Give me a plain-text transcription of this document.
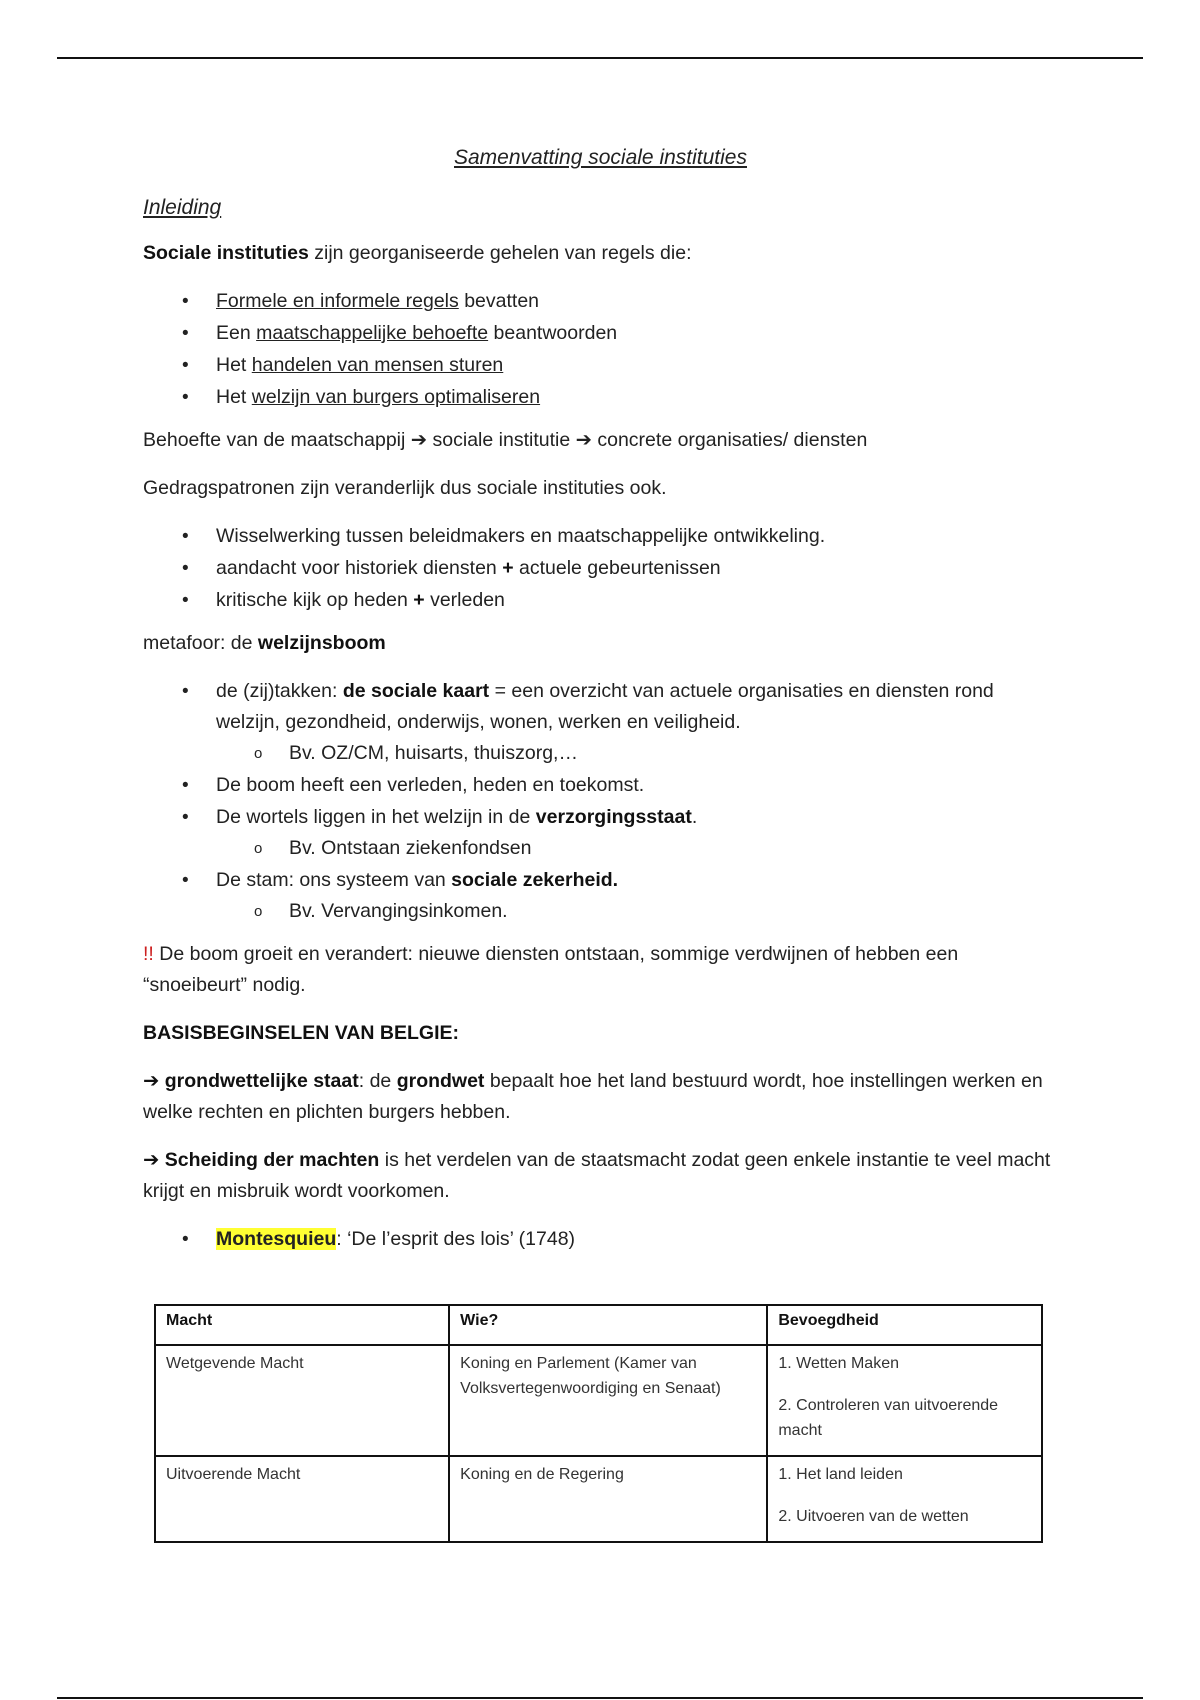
Samenvatting sociale instituties
Inleiding

Sociale instituties zijn georganiseerde gehelen van regels die:

• Formele en informele regels bevatten
• Een maatschappelijke behoefte beantwoorden
• Het handelen van mensen sturen
• Het welzijn van burgers optimaliseren

Behoefte van de maatschappij ➔ sociale institutie ➔ concrete organisaties/ diensten

Gedragspatronen zijn veranderlijk dus sociale instituties ook.

• Wisselwerking tussen beleidmakers en maatschappelijke ontwikkeling.
• aandacht voor historiek diensten + actuele gebeurtenissen
• kritische kijk op heden + verleden

metafoor: de welzijnsboom

• de (zij)takken: de sociale kaart = een overzicht van actuele organisaties en diensten rond welzijn, gezondheid, onderwijs, wonen, werken en veiligheid.
o Bv. OZ/CM, huisarts, thuiszorg,…
• De boom heeft een verleden, heden en toekomst.
• De wortels liggen in het welzijn in de verzorgingsstaat.
o Bv. Ontstaan ziekenfondsen
• De stam: ons systeem van sociale zekerheid.
o Bv. Vervangingsinkomen.

!! De boom groeit en verandert: nieuwe diensten ontstaan, sommige verdwijnen of hebben een “snoeibeurt” nodig.

BASISBEGINSELEN VAN BELGIE:

➔ grondwettelijke staat: de grondwet bepaalt hoe het land bestuurd wordt, hoe instellingen werken en welke rechten en plichten burgers hebben.

➔ Scheiding der machten is het verdelen van de staatsmacht zodat geen enkele instantie te veel macht krijgt en misbruik wordt voorkomen.

• Montesquieu: ‘De l’esprit des lois’ (1748)
Macht	Wie?	Bevoegdheid
Wetgevende Macht	Koning en Parlement (Kamer van Volksvertegenwoordiging en Senaat)	1. Wetten Maken

2. Controleren van uitvoerende macht

Uitvoerende Macht	Koning en de Regering	1. Het land leiden

2. Uitvoeren van de wetten
